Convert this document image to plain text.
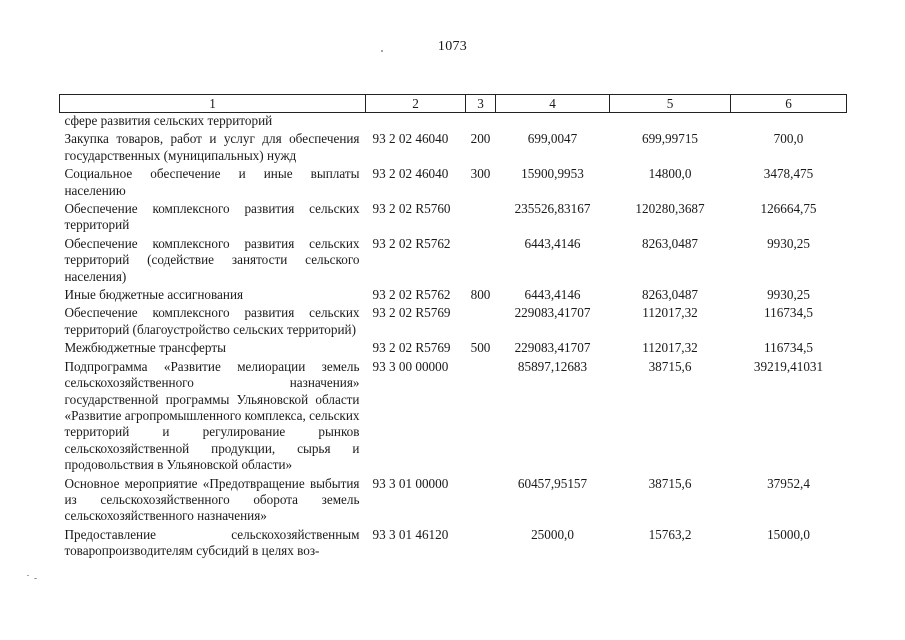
1073
1	2	3	4	5	6
сфере развития сельских территорий					
Закупка товаров, работ и услуг для обеспечения государственных (муниципальных) нужд	93 2 02 46040	200	699,0047	699,99715	700,0
Социальное обеспечение и иные выплаты населению	93 2 02 46040	300	15900,9953	14800,0	3478,475
Обеспечение комплексного развития сельских территорий	93 2 02 R5760		235526,83167	120280,3687	126664,75
Обеспечение комплексного развития сельских территорий (содействие занятости сельского населения)	93 2 02 R5762		6443,4146	8263,0487	9930,25
Иные бюджетные ассигнования	93 2 02 R5762	800	6443,4146	8263,0487	9930,25
Обеспечение комплексного развития сельских территорий (благоустройство сельских территорий)	93 2 02 R5769		229083,41707	112017,32	116734,5
Межбюджетные трансферты	93 2 02 R5769	500	229083,41707	112017,32	116734,5
Подпрограмма «Развитие мелиорации земель сельскохозяйственного назначения» государственной программы Ульяновской области «Развитие агропромышленного комплекса, сельских территорий и регулирование рынков сельскохозяйственной продукции, сырья и продовольствия в Ульяновской области»	93 3 00 00000		85897,12683	38715,6	39219,41031
Основное мероприятие «Предотвращение выбытия из сельскохозяйственного оборота земель сельскохозяйственного назначения»	93 3 01 00000		60457,95157	38715,6	37952,4
Предоставление сельскохозяйственным товаропроизводителям субсидий в целях воз-	93 3 01 46120		25000,0	15763,2	15000,0
